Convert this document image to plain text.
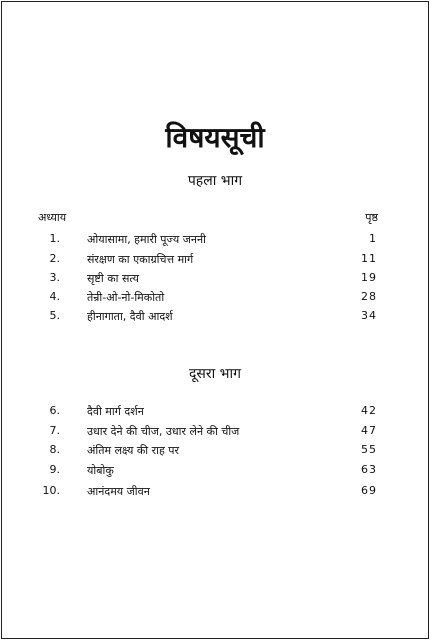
विषयसूची
पहला भाग
अध्याय	पृष्ठ
1. ओयासामा, हमारी पूज्य जननी	1
2. संरक्षण का एकाग्रचित्त मार्ग	11
3. सृष्टी का सत्य	19
4. तेन्री-ओ-नो-मिकोतो	28
5. हीनागाता, दैवी आदर्श	34
दूसरा भाग
6. दैवी मार्ग दर्शन	42
7. उधार देने की चीज, उधार लेने की चीज	47
8. अंतिम लक्ष्य की राह पर	55
9. योबोकु	63
10. आनंदमय जीवन	69
